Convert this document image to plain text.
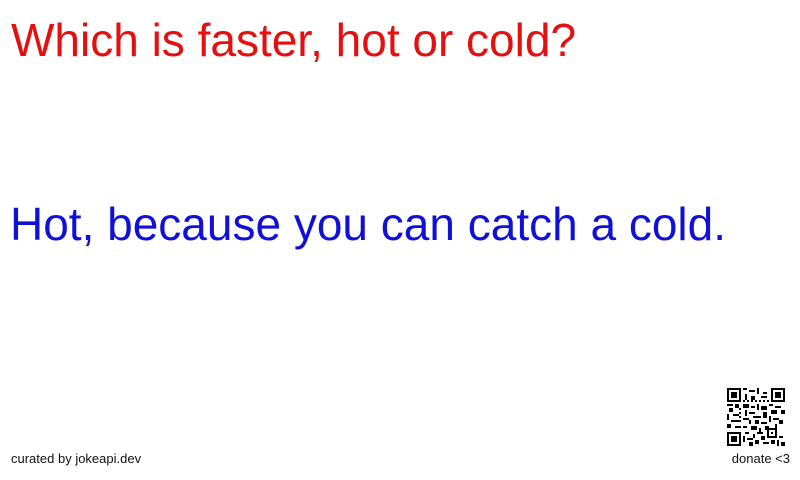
Which is faster, hot or cold?
Hot, because you can catch a cold.
curated by jokeapi.dev	donate <3
